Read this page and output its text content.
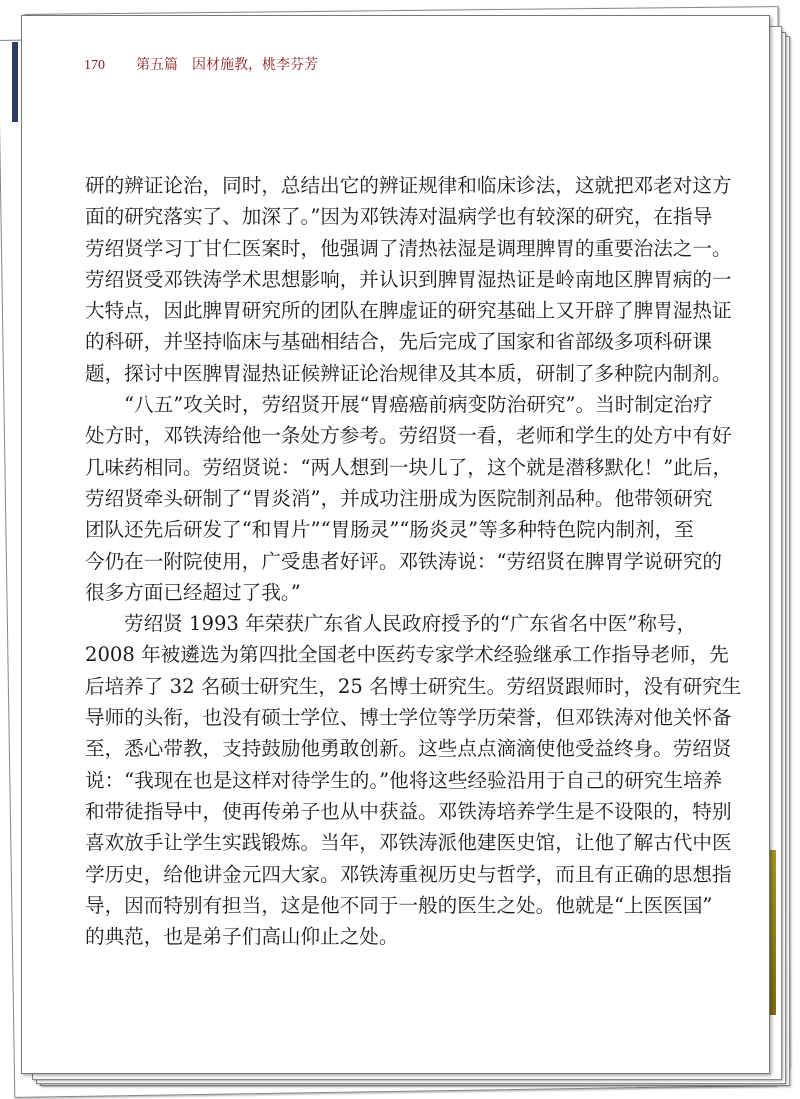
170 第五篇　因材施教，桃李芬芳
研的辨证论治，同时，总结出它的辨证规律和临床诊法，这就把邓老对这方
面的研究落实了、加深了。”因为邓铁涛对温病学也有较深的研究，在指导
劳绍贤学习丁甘仁医案时，他强调了清热祛湿是调理脾胃的重要治法之一。
劳绍贤受邓铁涛学术思想影响，并认识到脾胃湿热证是岭南地区脾胃病的一
大特点，因此脾胃研究所的团队在脾虚证的研究基础上又开辟了脾胃湿热证
的科研，并坚持临床与基础相结合，先后完成了国家和省部级多项科研课
题，探讨中医脾胃湿热证候辨证论治规律及其本质，研制了多种院内制剂。
“八五”攻关时，劳绍贤开展“胃癌癌前病变防治研究”。当时制定治疗
处方时，邓铁涛给他一条处方参考。劳绍贤一看，老师和学生的处方中有好
几味药相同。劳绍贤说：“两人想到一块儿了，这个就是潜移默化！”此后，
劳绍贤牵头研制了“胃炎消”，并成功注册成为医院制剂品种。他带领研究
团队还先后研发了“和胃片”“胃肠灵”“肠炎灵”等多种特色院内制剂，至
今仍在一附院使用，广受患者好评。邓铁涛说：“劳绍贤在脾胃学说研究的
很多方面已经超过了我。”
劳绍贤 1993 年荣获广东省人民政府授予的“广东省名中医”称号，
2008 年被遴选为第四批全国老中医药专家学术经验继承工作指导老师，先
后培养了 32 名硕士研究生，25 名博士研究生。劳绍贤跟师时，没有研究生
导师的头衔，也没有硕士学位、博士学位等学历荣誉，但邓铁涛对他关怀备
至，悉心带教，支持鼓励他勇敢创新。这些点点滴滴使他受益终身。劳绍贤
说：“我现在也是这样对待学生的。”他将这些经验沿用于自己的研究生培养
和带徒指导中，使再传弟子也从中获益。邓铁涛培养学生是不设限的，特别
喜欢放手让学生实践锻炼。当年，邓铁涛派他建医史馆，让他了解古代中医
学历史，给他讲金元四大家。邓铁涛重视历史与哲学，而且有正确的思想指
导，因而特别有担当，这是他不同于一般的医生之处。他就是“上医医国”
的典范，也是弟子们高山仰止之处。
